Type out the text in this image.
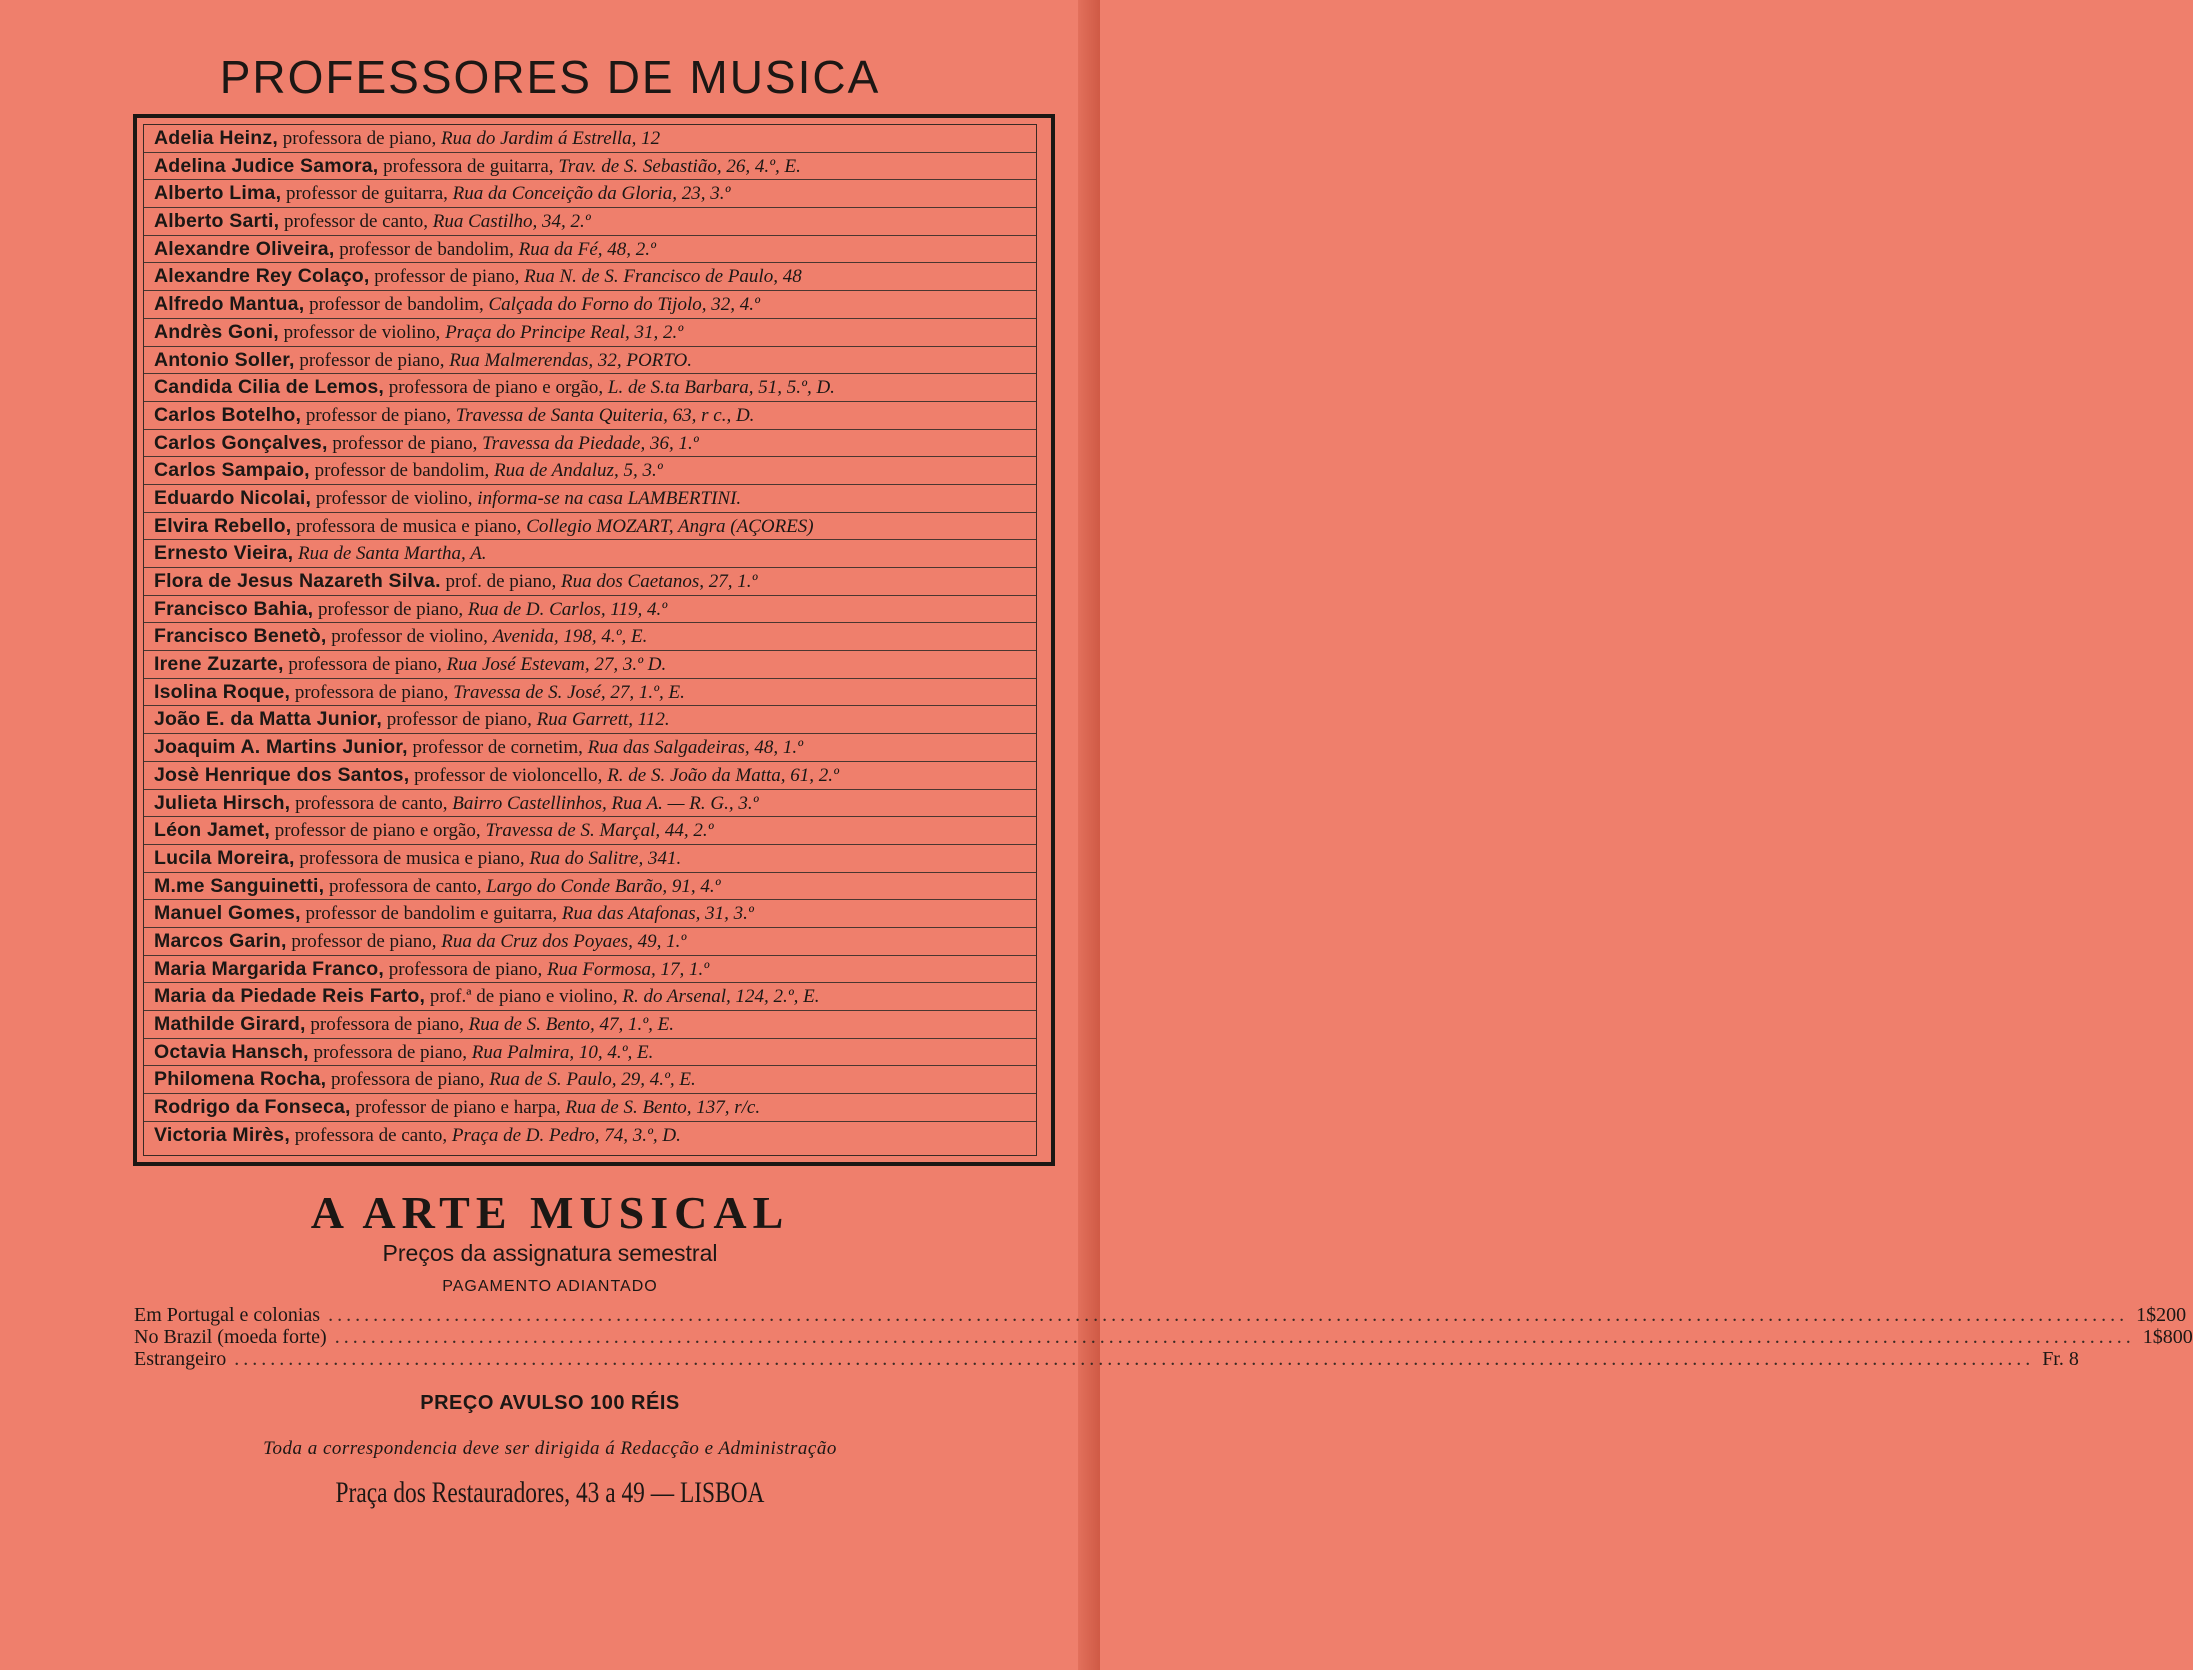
PROFESSORES DE MUSICA
Adelia Heinz, professora de piano, Rua do Jardim á Estrella, 12
Adelina Judice Samora, professora de guitarra, Trav. de S. Sebastião, 26, 4.º, E.
Alberto Lima, professor de guitarra, Rua da Conceição da Gloria, 23, 3.º
Alberto Sarti, professor de canto, Rua Castilho, 34, 2.º
Alexandre Oliveira, professor de bandolim, Rua da Fé, 48, 2.º
Alexandre Rey Colaço, professor de piano, Rua N. de S. Francisco de Paulo, 48
Alfredo Mantua, professor de bandolim, Calçada do Forno do Tijolo, 32, 4.º
Andrès Goni, professor de violino, Praça do Principe Real, 31, 2.º
Antonio Soller, professor de piano, Rua Malmerendas, 32, PORTO.
Candida Cilia de Lemos, professora de piano e orgão, L. de S.ta Barbara, 51, 5.º, D.
Carlos Botelho, professor de piano, Travessa de Santa Quiteria, 63, r c., D.
Carlos Gonçalves, professor de piano, Travessa da Piedade, 36, 1.º
Carlos Sampaio, professor de bandolim, Rua de Andaluz, 5, 3.º
Eduardo Nicolai, professor de violino, informa-se na casa LAMBERTINI.
Elvira Rebello, professora de musica e piano, Collegio MOZART, Angra (AÇORES)
Ernesto Vieira, Rua de Santa Martha, A.
Flora de Jesus Nazareth Silva. prof. de piano, Rua dos Caetanos, 27, 1.º
Francisco Bahia, professor de piano, Rua de D. Carlos, 119, 4.º
Francisco Benetò, professor de violino, Avenida, 198, 4.º, E.
Irene Zuzarte, professora de piano, Rua José Estevam, 27, 3.º D.
Isolina Roque, professora de piano, Travessa de S. José, 27, 1.º, E.
João E. da Matta Junior, professor de piano, Rua Garrett, 112.
Joaquim A. Martins Junior, professor de cornetim, Rua das Salgadeiras, 48, 1.º
Josè Henrique dos Santos, professor de violoncello, R. de S. João da Matta, 61, 2.º
Julieta Hirsch, professora de canto, Bairro Castellinhos, Rua A. — R. G., 3.º
Léon Jamet, professor de piano e orgão, Travessa de S. Marçal, 44, 2.º
Lucila Moreira, professora de musica e piano, Rua do Salitre, 341.
M.me Sanguinetti, professora de canto, Largo do Conde Barão, 91, 4.º
Manuel Gomes, professor de bandolim e guitarra, Rua das Atafonas, 31, 3.º
Marcos Garin, professor de piano, Rua da Cruz dos Poyaes, 49, 1.º
Maria Margarida Franco, professora de piano, Rua Formosa, 17, 1.º
Maria da Piedade Reis Farto, prof.ª de piano e violino, R. do Arsenal, 124, 2.º, E.
Mathilde Girard, professora de piano, Rua de S. Bento, 47, 1.º, E.
Octavia Hansch, professora de piano, Rua Palmira, 10, 4.º, E.
Philomena Rocha, professora de piano, Rua de S. Paulo, 29, 4.º, E.
Rodrigo da Fonseca, professor de piano e harpa, Rua de S. Bento, 137, r/c.
Victoria Mirès, professora de canto, Praça de D. Pedro, 74, 3.º, D.
A ARTE MUSICAL
Preços da assignatura semestral
PAGAMENTO ADIANTADO
Em Portugal e colonias ........................................................................................................................................................................................................ 1$200
No Brazil (moeda forte) ........................................................................................................................................................................................................ 1$800
Estrangeiro ........................................................................................................................................................................................................ Fr. 8
PREÇO AVULSO 100 RÉIS
Toda a correspondencia deve ser dirigida á Redacção e Administração
Praça dos Restauradores, 43 a 49 — LISBOA
